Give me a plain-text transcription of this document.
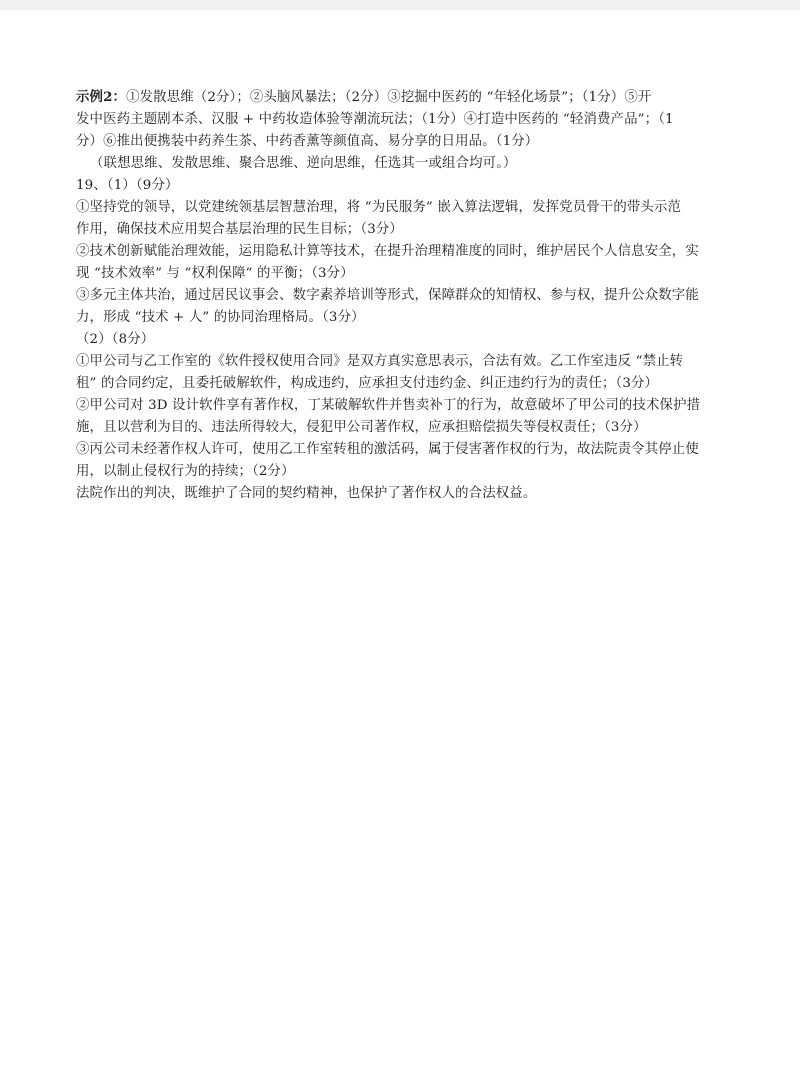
示例2：①发散思维（2分）；②头脑风暴法；（2分）③挖掘中医药的 “年轻化场景”；（1分）⑤开
发中医药主题剧本杀、汉服 + 中药妆造体验等潮流玩法；（1分）④打造中医药的 “轻消费产品”；（1
分）⑥推出便携装中药养生茶、中药香薰等颜值高、易分享的日用品。（1分）
（联想思维、发散思维、聚合思维、逆向思维，任选其一或组合均可。）
19、（1）（9分）
①坚持党的领导，以党建统领基层智慧治理，将 “为民服务” 嵌入算法逻辑，发挥党员骨干的带头示范
作用，确保技术应用契合基层治理的民生目标；（3分）
②技术创新赋能治理效能，运用隐私计算等技术，在提升治理精准度的同时，维护居民个人信息安全，实
现 “技术效率” 与 “权利保障” 的平衡；（3分）
③多元主体共治，通过居民议事会、数字素养培训等形式，保障群众的知情权、参与权，提升公众数字能
力，形成 “技术 + 人” 的协同治理格局。（3分）
（2）（8分）
①甲公司与乙工作室的《软件授权使用合同》是双方真实意思表示，合法有效。乙工作室违反 “禁止转
租” 的合同约定，且委托破解软件，构成违约，应承担支付违约金、纠正违约行为的责任；（3分）
②甲公司对 3D 设计软件享有著作权，丁某破解软件并售卖补丁的行为，故意破坏了甲公司的技术保护措
施，且以营利为目的、违法所得较大，侵犯甲公司著作权，应承担赔偿损失等侵权责任；（3分）
③丙公司未经著作权人许可，使用乙工作室转租的激活码，属于侵害著作权的行为，故法院责令其停止使
用，以制止侵权行为的持续；（2分）
法院作出的判决，既维护了合同的契约精神，也保护了著作权人的合法权益。
